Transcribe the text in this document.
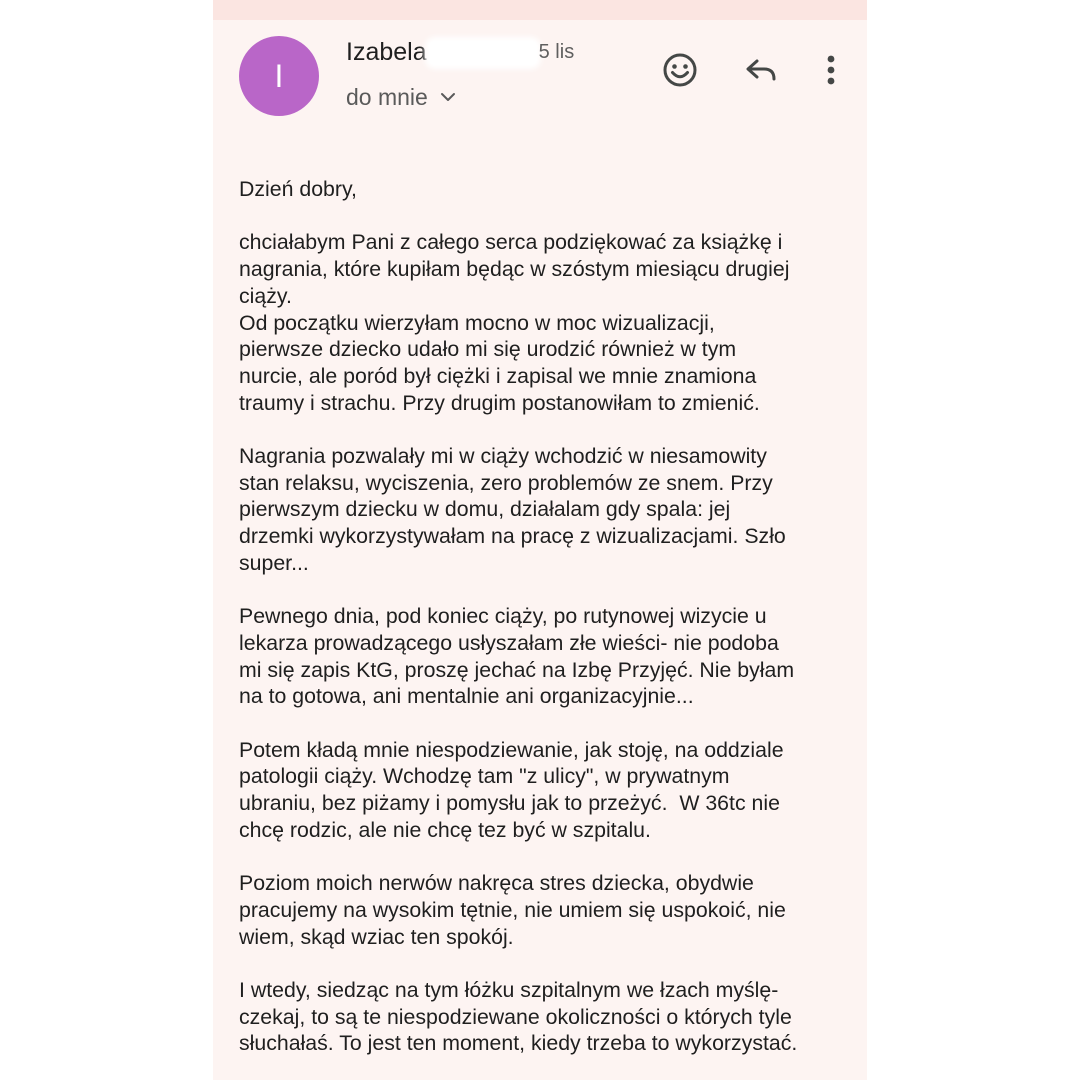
I
Izabela	5 lis
do mnie
Dzień dobry,
chciałabym Pani z całego serca podziękować za książkę i
nagrania, które kupiłam będąc w szóstym miesiącu drugiej
ciąży.
Od początku wierzyłam mocno w moc wizualizacji,
pierwsze dziecko udało mi się urodzić również w tym
nurcie, ale poród był ciężki i zapisal we mnie znamiona
traumy i strachu. Przy drugim postanowiłam to zmienić.
Nagrania pozwalały mi w ciąży wchodzić w niesamowity
stan relaksu, wyciszenia, zero problemów ze snem. Przy
pierwszym dziecku w domu, działalam gdy spala: jej
drzemki wykorzystywałam na pracę z wizualizacjami. Szło
super...
Pewnego dnia, pod koniec ciąży, po rutynowej wizycie u
lekarza prowadzącego usłyszałam złe wieści- nie podoba
mi się zapis KtG, proszę jechać na Izbę Przyjęć. Nie byłam
na to gotowa, ani mentalnie ani organizacyjnie...
Potem kładą mnie niespodziewanie, jak stoję, na oddziale
patologii ciąży. Wchodzę tam "z ulicy", w prywatnym
ubraniu, bez piżamy i pomysłu jak to przeżyć.  W 36tc nie
chcę rodzic, ale nie chcę tez być w szpitalu.
Poziom moich nerwów nakręca stres dziecka, obydwie
pracujemy na wysokim tętnie, nie umiem się uspokoić, nie
wiem, skąd wziac ten spokój.
I wtedy, siedząc na tym łóżku szpitalnym we łzach myślę-
czekaj, to są te niespodziewane okoliczności o których tyle
słuchałaś. To jest ten moment, kiedy trzeba to wykorzystać.
